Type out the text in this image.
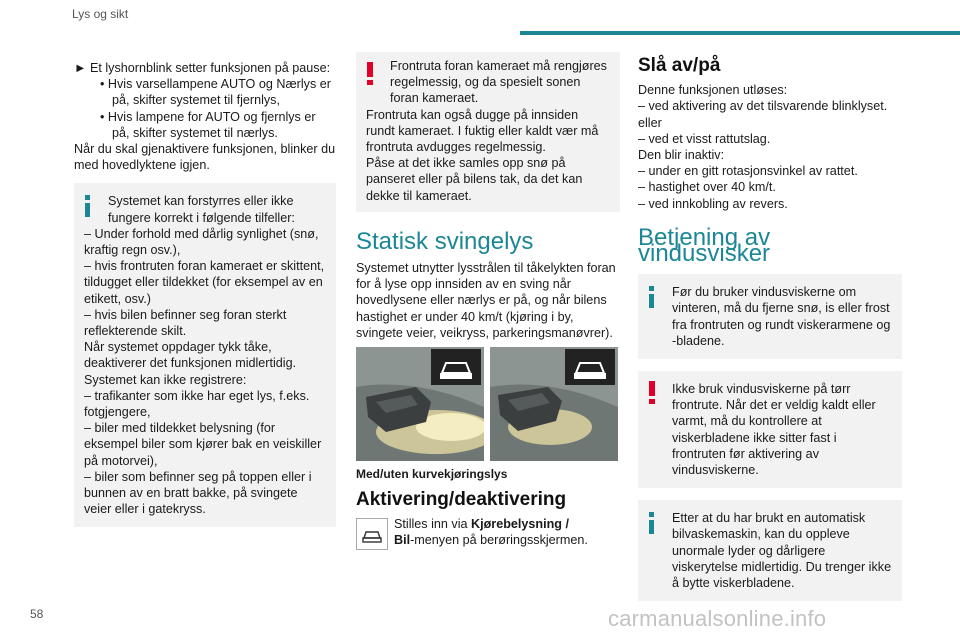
Lys og sikt

► Et lyshornblink setter funksjonen på pause:

• Hvis varsellampene AUTO og Nærlys er på, skifter systemet til fjernlys,

• Hvis lampene for AUTO og fjernlys er på, skifter systemet til nærlys.

Når du skal gjenaktivere funksjonen, blinker du med hovedlyktene igjen.

Systemet kan forstyrres eller ikke fungere korrekt i følgende tilfeller:

– Under forhold med dårlig synlighet (snø, kraftig regn osv.),

– hvis frontruten foran kameraet er skittent, tildugget eller tildekket (for eksempel av en etikett, osv.)

– hvis bilen befinner seg foran sterkt reflekterende skilt.

Når systemet oppdager tykk tåke, deaktiverer det funksjonen midlertidig.

Systemet kan ikke registrere:

– trafikanter som ikke har eget lys, f.eks. fotgjengere,

– biler med tildekket belysning (for eksempel biler som kjører bak en veiskiller på motorvei),

– biler som befinner seg på toppen eller i bunnen av en bratt bakke, på svingete veier eller i gatekryss.

Frontruta foran kameraet må rengjøres regelmessig, og da spesielt sonen foran kameraet.

Frontruta kan også dugge på innsiden rundt kameraet. I fuktig eller kaldt vær må frontruta avdugges regelmessig.

Påse at det ikke samles opp snø på panseret eller på bilens tak, da det kan dekke til kameraet.

Statisk svingelys

Systemet utnytter lysstrålen til tåkelykten foran for å lyse opp innsiden av en sving når hovedlysene eller nærlys er på, og når bilens hastighet er under 40 km/t (kjøring i by, svingete veier, veikryss, parkeringsmanøvrer).

Med/uten kurvekjøringslys

Aktivering/deaktivering

Stilles inn via Kjørebelysning /
Bil-menyen på berøringsskjermen.

Slå av/på

Denne funksjonen utløses:

– ved aktivering av det tilsvarende blinklyset.

eller

– ved et visst rattutslag.

Den blir inaktiv:

– under en gitt rotasjonsvinkel av rattet.

– hastighet over 40 km/t.

– ved innkobling av revers.

Betjening av vindusvisker

Før du bruker vindusviskerne om vinteren, må du fjerne snø, is eller frost fra frontruten og rundt viskerarmene og -bladene.

Ikke bruk vindusviskerne på tørr frontrute. Når det er veldig kaldt eller varmt, må du kontrollere at viskerbladene ikke sitter fast i frontruten før aktivering av vindusviskerne.

Etter at du har brukt en automatisk bilvaskemaskin, kan du oppleve unormale lyder og dårligere viskerytelse midlertidig. Du trenger ikke å bytte viskerbladene.

58	carmanualsonline.info
